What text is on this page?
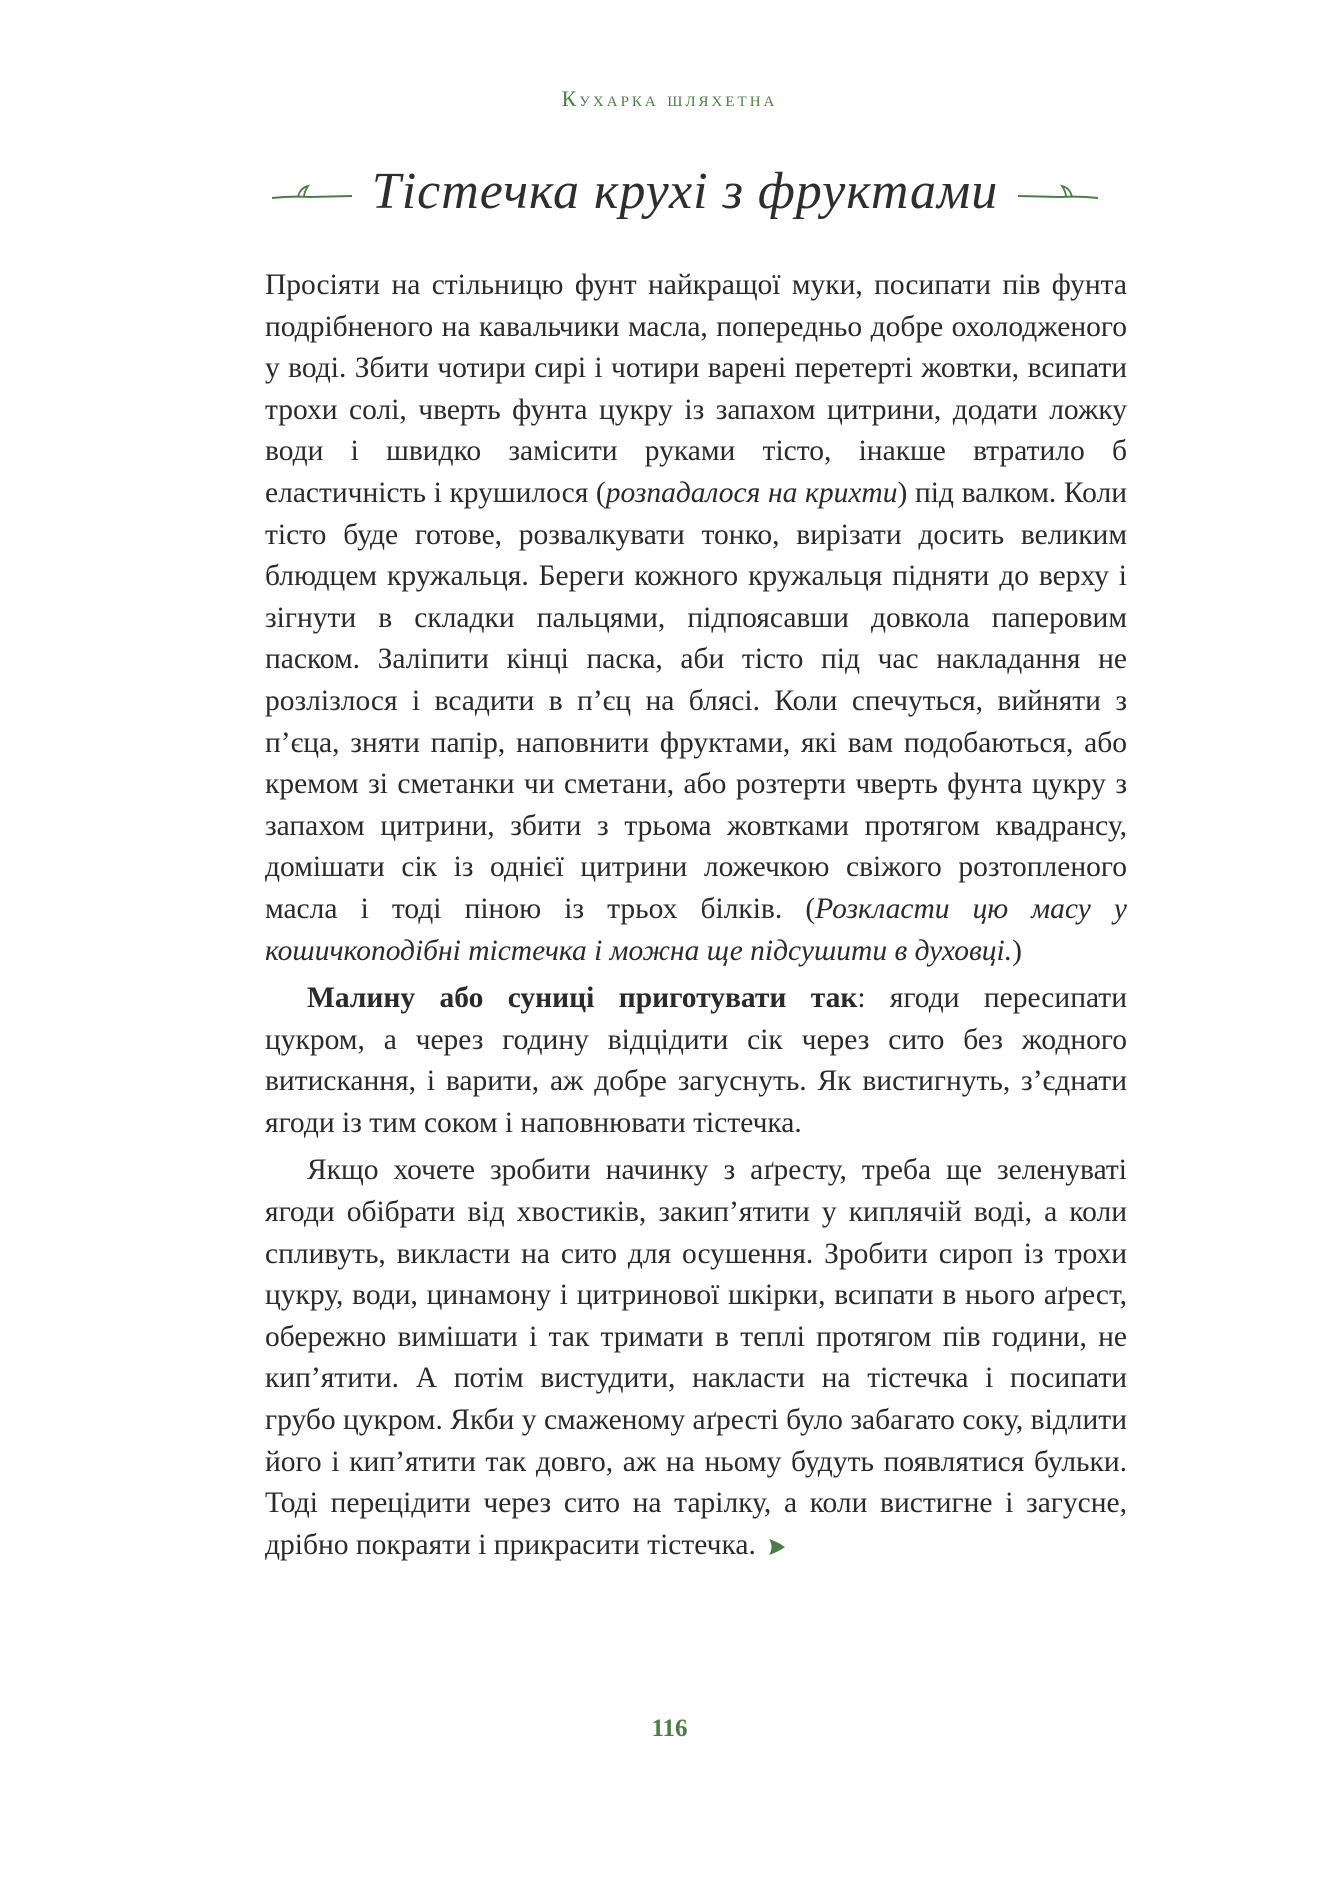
Кухарка шляхетна
Тістечка крухі з фруктами

Просіяти на стільницю фунт найкращої муки, посипати пів фунта подрібненого на кавальчики масла, попередньо добре охолодженого у воді. Збити чотири сирі і чотири варені перетерті жовтки, всипати трохи солі, чверть фунта цукру із запахом цитрини, додати ложку води і швидко замісити руками тісто, інакше втратило б еластичність і крушилося (розпадалося на крихти) під валком. Коли тісто буде готове, розвалкувати тонко, вирізати досить великим блюдцем кружальця. Береги кожного кружальця підняти до верху і зігнути в складки пальцями, підпоясавши довкола паперовим паском. Заліпити кінці паска, аби тісто під час накладання не розлізлося і всадити в п’єц на блясі. Коли спечуться, вийняти з п’єца, зняти папір, наповнити фруктами, які вам подобаються, або кремом зі сметанки чи сметани, або розтерти чверть фунта цукру з запахом цитрини, збити з трьома жовтками протягом квадрансу, домішати сік із однієї цитрини ложечкою свіжого розтопленого масла і тоді піною із трьох білків. (Розкласти цю масу у кошичкоподібні тістечка і можна ще підсушити в духовці.)

Малину або суниці приготувати так: ягоди пересипати цукром, а через годину відцідити сік через сито без жодного витискання, і варити, аж добре загуснуть. Як вистигнуть, з’єднати ягоди із тим соком і наповнювати тістечка.

Якщо хочете зробити начинку з аґресту, треба ще зеленуваті ягоди обібрати від хвостиків, закип’ятити у киплячій воді, а коли спливуть, викласти на сито для осушення. Зробити сироп із трохи цукру, води, цинамону і цитринової шкірки, всипати в нього аґрест, обережно вимішати і так тримати в теплі протягом пів години, не кип’ятити. А потім вистудити, накласти на тістечка і посипати грубо цукром. Якби у смаженому аґресті було забагато соку, відлити його і кип’ятити так довго, аж на ньому будуть появлятися бульки. Тоді перецідити через сито на тарілку, а коли вистигне і загусне, дрібно покраяти і прикрасити тістечка.

116
